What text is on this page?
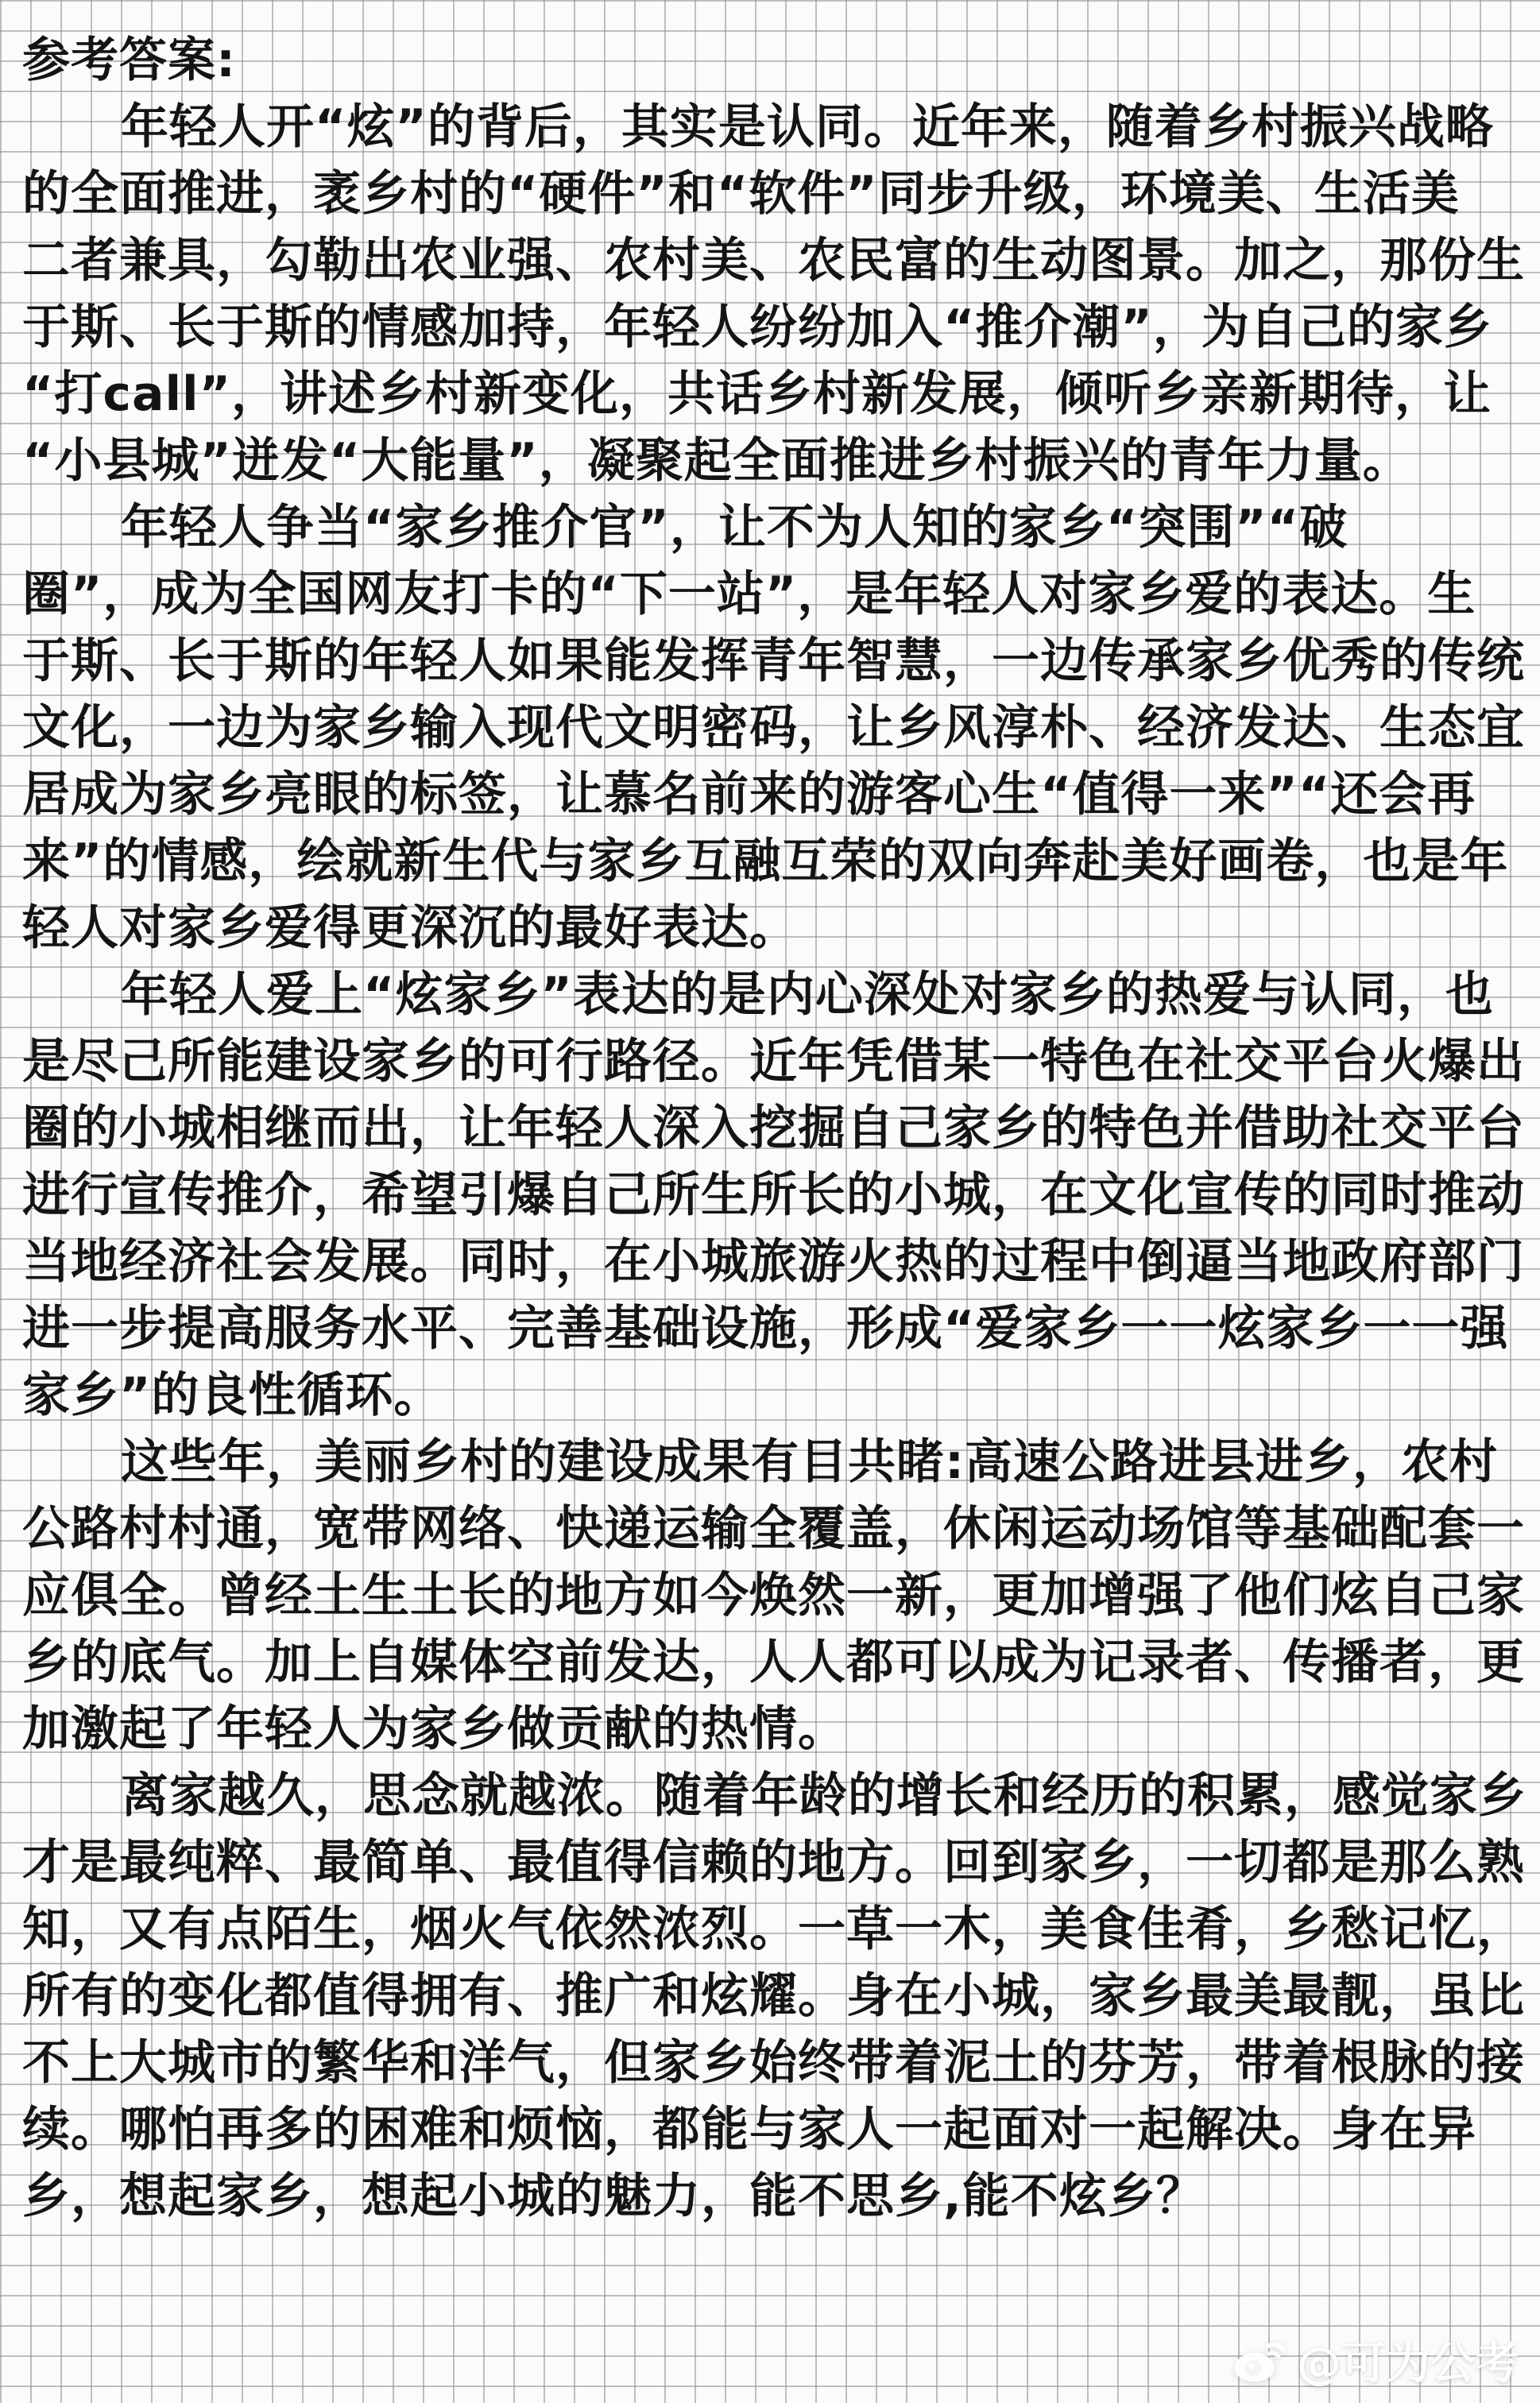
参考答案:
年轻人开“炫”的背后，其实是认同。近年来，随着乡村振兴战略
的全面推进，袤乡村的“硬件”和“软件”同步升级，环境美、生活美
二者兼具，勾勒出农业强、农村美、农民富的生动图景。加之，那份生
于斯、长于斯的情感加持，年轻人纷纷加入“推介潮”，为自己的家乡
“打call”，讲述乡村新变化，共话乡村新发展，倾听乡亲新期待，让
“小县城”迸发“大能量”，凝聚起全面推进乡村振兴的青年力量。
年轻人争当“家乡推介官”，让不为人知的家乡“突围”“破
圈”，成为全国网友打卡的“下一站”，是年轻人对家乡爱的表达。生
于斯、长于斯的年轻人如果能发挥青年智慧，一边传承家乡优秀的传统
文化，一边为家乡输入现代文明密码，让乡风淳朴、经济发达、生态宜
居成为家乡亮眼的标签，让慕名前来的游客心生“值得一来”“还会再
来”的情感，绘就新生代与家乡互融互荣的双向奔赴美好画卷，也是年
轻人对家乡爱得更深沉的最好表达。
年轻人爱上“炫家乡”表达的是内心深处对家乡的热爱与认同，也
是尽己所能建设家乡的可行路径。近年凭借某一特色在社交平台火爆出
圈的小城相继而出，让年轻人深入挖掘自己家乡的特色并借助社交平台
进行宣传推介，希望引爆自己所生所长的小城，在文化宣传的同时推动
当地经济社会发展。同时，在小城旅游火热的过程中倒逼当地政府部门
进一步提高服务水平、完善基础设施，形成“爱家乡一一炫家乡一一强
家乡”的良性循环。
这些年，美丽乡村的建设成果有目共睹:高速公路进县进乡，农村
公路村村通，宽带网络、快递运输全覆盖，休闲运动场馆等基础配套一
应俱全。曾经土生土长的地方如今焕然一新，更加增强了他们炫自己家
乡的底气。加上自媒体空前发达，人人都可以成为记录者、传播者，更
加激起了年轻人为家乡做贡献的热情。
离家越久，思念就越浓。随着年龄的增长和经历的积累，感觉家乡
才是最纯粹、最简单、最值得信赖的地方。回到家乡，一切都是那么熟
知，又有点陌生，烟火气依然浓烈。一草一木，美食佳肴，乡愁记忆，
所有的变化都值得拥有、推广和炫耀。身在小城，家乡最美最靓，虽比
不上大城市的繁华和洋气，但家乡始终带着泥土的芬芳，带着根脉的接
续。哪怕再多的困难和烦恼，都能与家人一起面对一起解决。身在异
乡，想起家乡，想起小城的魅力，能不思乡,能不炫乡？
@可为公考
